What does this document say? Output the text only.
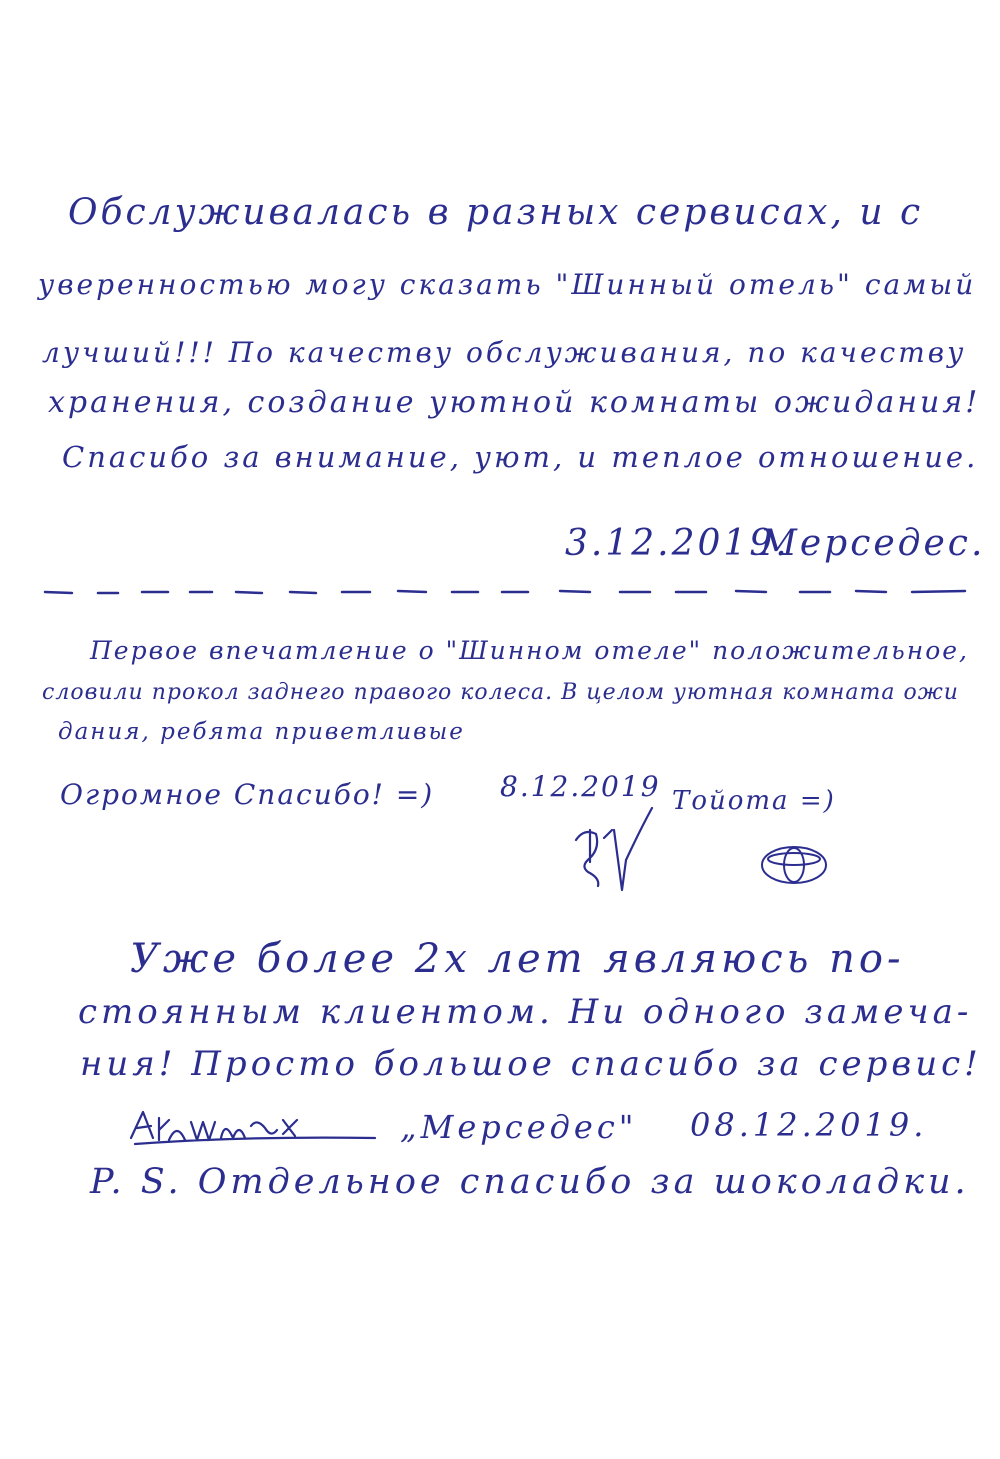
Обслуживалась в разных сервисах, и с
уверенностью могу сказать "Шинный отель" самый
лучший!!! По качеству обслуживания, по качеству
хранения, создание уютной комнаты ожидания!
Спасибо за внимание, уют, и теплое отношение.
3.12.2019.
Мерседес.
Первое впечатление о "Шинном отеле" положительное,
словили прокол заднего правого колеса. В целом уютная комната ожи
дания, ребята приветливые
Огромное Спасибо! =) 8.12.2019 Тойота =)
Уже более 2х лет являюсь по-
стоянным клиентом. Ни одного замеча-
ния! Просто большое спасибо за сервис!
„Мерседес" 08.12.2019.
P. S. Отдельное спасибо за шоколадки.
